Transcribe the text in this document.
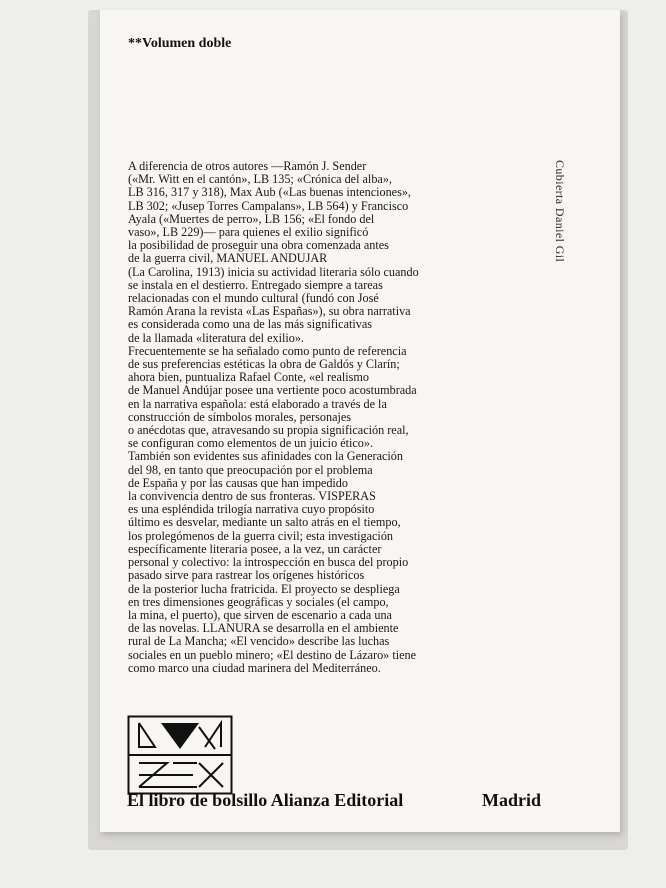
**Volumen doble
Cubierta Daniel Gil

A diferencia de otros autores —Ramón J. Sender

(«Mr. Witt en el cantón», LB 135; «Crónica del alba»,

LB 316, 317 y 318), Max Aub («Las buenas intenciones»,

LB 302; «Jusep Torres Campalans», LB 564) y Francisco

Ayala («Muertes de perro», LB 156; «El fondo del

vaso», LB 229)— para quienes el exilio significó

la posibilidad de proseguir una obra comenzada antes

de la guerra civil, MANUEL ANDUJAR

(La Carolina, 1913) inicia su actividad literaria sólo cuando

se instala en el destierro. Entregado siempre a tareas

relacionadas con el mundo cultural (fundó con José

Ramón Arana la revista «Las Españas»), su obra narrativa

es considerada como una de las más significativas

de la llamada «literatura del exilio».

Frecuentemente se ha señalado como punto de referencia

de sus preferencias estéticas la obra de Galdós y Clarín;

ahora bien, puntualiza Rafael Conte, «el realismo

de Manuel Andújar posee una vertiente poco acostumbrada

en la narrativa española: está elaborado a través de la

construcción de símbolos morales, personajes

o anécdotas que, atravesando su propia significación real,

se configuran como elementos de un juicio ético».

También son evidentes sus afinidades con la Generación

del 98, en tanto que preocupación por el problema

de España y por las causas que han impedido

la convivencia dentro de sus fronteras. VISPERAS

es una espléndida trilogía narrativa cuyo propósito

último es desvelar, mediante un salto atrás en el tiempo,

los prolegómenos de la guerra civil; esta investigación

específicamente literaria posee, a la vez, un carácter

personal y colectivo: la introspección en busca del propio

pasado sirve para rastrear los orígenes históricos

de la posterior lucha fratricida. El proyecto se despliega

en tres dimensiones geográficas y sociales (el campo,

la mina, el puerto), que sirven de escenario a cada una

de las novelas. LLANURA se desarrolla en el ambiente

rural de La Mancha; «El vencido» describe las luchas

sociales en un pueblo minero; «El destino de Lázaro» tiene

como marco una ciudad marinera del Mediterráneo.

El libro de bolsillo Alianza Editorial	Madrid
